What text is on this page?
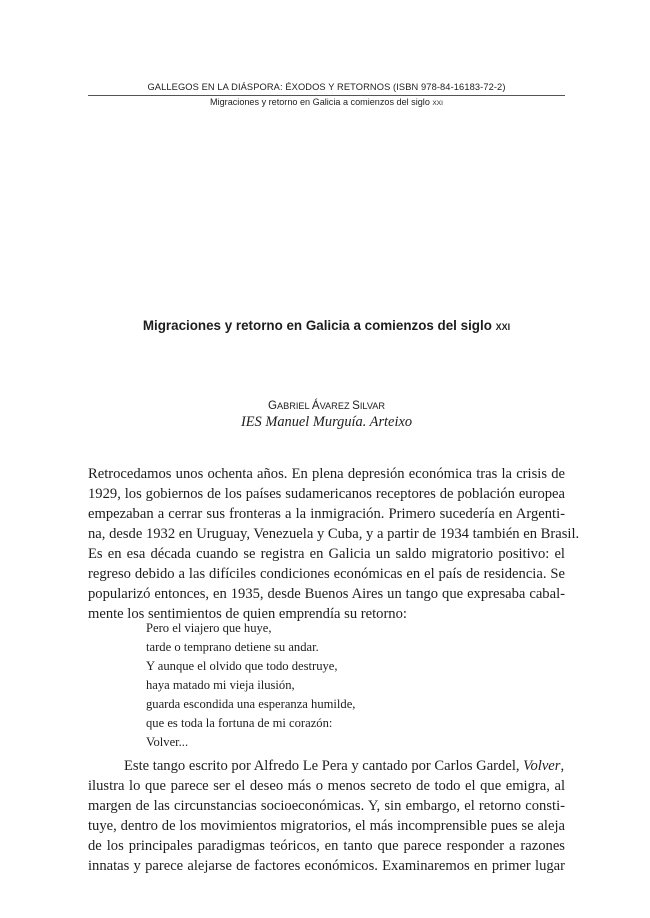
GALLEGOS EN LA DIÁSPORA: ÉXODOS Y RETORNOS (ISBN 978-84-16183-72-2)
Migraciones y retorno en Galicia a comienzos del siglo XXI
Migraciones y retorno en Galicia a comienzos del siglo XXI
GABRIEL ÁVAREZ SILVAR
IES Manuel Murguía. Arteixo
Retrocedamos unos ochenta años. En plena depresión económica tras la crisis de
1929, los gobiernos de los países sudamericanos receptores de población europea
empezaban a cerrar sus fronteras a la inmigración. Primero sucedería en Argenti-
na, desde 1932 en Uruguay, Venezuela y Cuba, y a partir de 1934 también en Brasil.
Es en esa década cuando se registra en Galicia un saldo migratorio positivo: el
regreso debido a las difíciles condiciones económicas en el país de residencia. Se
popularizó entonces, en 1935, desde Buenos Aires un tango que expresaba cabal-
mente los sentimientos de quien emprendía su retorno:
Pero el viajero que huye,
tarde o temprano detiene su andar.
Y aunque el olvido que todo destruye,
haya matado mi vieja ilusión,
guarda escondida una esperanza humilde,
que es toda la fortuna de mi corazón:
Volver...
Este tango escrito por Alfredo Le Pera y cantado por Carlos Gardel, Volver,
ilustra lo que parece ser el deseo más o menos secreto de todo el que emigra, al
margen de las circunstancias socioeconómicas. Y, sin embargo, el retorno consti-
tuye, dentro de los movimientos migratorios, el más incomprensible pues se aleja
de los principales paradigmas teóricos, en tanto que parece responder a razones
innatas y parece alejarse de factores económicos. Examinaremos en primer lugar
